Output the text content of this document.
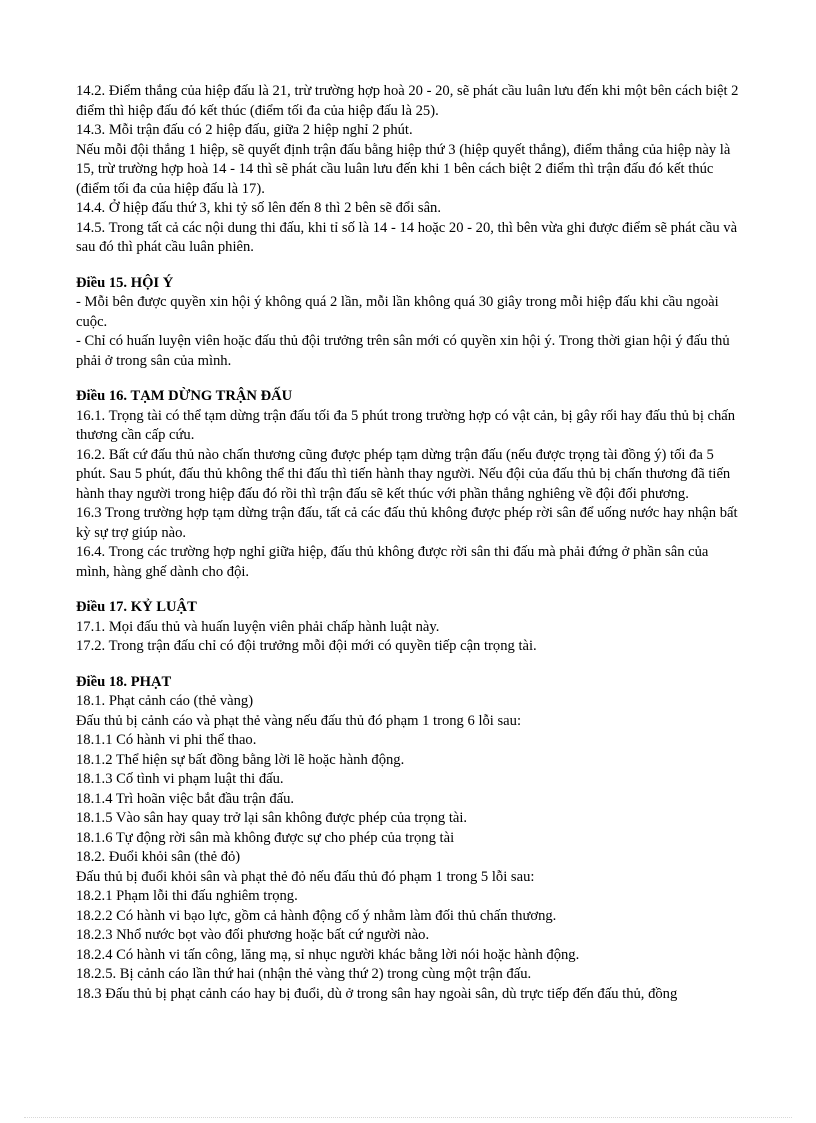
14.2. Điểm thắng của hiệp đấu là 21, trừ trường hợp hoà 20 - 20, sẽ phát cầu luân lưu đến khi một bên cách biệt 2 điểm thì hiệp đấu đó kết thúc (điểm tối đa của hiệp đấu là 25).

14.3. Mỗi trận đấu có 2 hiệp đấu, giữa 2 hiệp nghỉ 2 phút.

Nếu mỗi đội thắng 1 hiệp, sẽ quyết định trận đấu bằng hiệp thứ 3 (hiệp quyết thắng), điểm thắng của hiệp này là 15, trừ trường hợp hoà 14 - 14 thì sẽ phát cầu luân lưu đến khi 1 bên cách biệt 2 điểm thì trận đấu đó kết thúc (điểm tối đa của hiệp đấu là 17).

14.4. Ở hiệp đấu thứ 3, khi tỷ số lên đến 8 thì 2 bên sẽ đổi sân.

14.5. Trong tất cả các nội dung thi đấu, khi tỉ số là 14 - 14 hoặc 20 - 20, thì bên vừa ghi được điểm sẽ phát cầu và sau đó thì phát cầu luân phiên.

Điều 15. HỘI Ý

- Mỗi bên được quyền xin hội ý không quá 2 lần, mỗi lần không quá 30 giây trong mỗi hiệp đấu khi cầu ngoài cuộc.

- Chỉ có huấn luyện viên hoặc đấu thủ đội trưởng trên sân mới có quyền xin hội ý. Trong thời gian hội ý đấu thủ phải ở trong sân của mình.

Điều 16. TẠM DỪNG TRẬN ĐẤU

16.1. Trọng tài có thể tạm dừng trận đấu tối đa 5 phút trong trường hợp có vật cản, bị gây rối hay đấu thủ bị chấn thương cần cấp cứu.

16.2. Bất cứ đấu thủ nào chấn thương cũng được phép tạm dừng trận đấu (nếu được trọng tài đồng ý) tối đa 5 phút. Sau 5 phút, đấu thủ không thể thi đấu thì tiến hành thay người. Nếu đội của đấu thủ bị chấn thương đã tiến hành thay người trong hiệp đấu đó rồi thì trận đấu sẽ kết thúc với phần thắng nghiêng về đội đối phương.

16.3 Trong trường hợp tạm dừng trận đấu, tất cả các đấu thủ không được phép rời sân để uống nước hay nhận bất kỳ sự trợ giúp nào.

16.4. Trong các trường hợp nghỉ giữa hiệp, đấu thủ không được rời sân thi đấu mà phải đứng ở phần sân của mình, hàng ghế dành cho đội.

Điều 17. KỶ LUẬT

17.1. Mọi đấu thủ và huấn luyện viên phải chấp hành luật này.

17.2. Trong trận đấu chỉ có đội trưởng mỗi đội mới có quyền tiếp cận trọng tài.

Điều 18. PHẠT

18.1. Phạt cảnh cáo (thẻ vàng)

Đấu thủ bị cảnh cáo và phạt thẻ vàng nếu đấu thủ đó phạm 1 trong 6 lỗi sau:

18.1.1 Có hành vi phi thể thao.

18.1.2 Thể hiện sự bất đồng bằng lời lẽ hoặc hành động.

18.1.3 Cố tình vi phạm luật thi đấu.

18.1.4 Trì hoãn việc bắt đầu trận đấu.

18.1.5 Vào sân hay quay trở lại sân không được phép của trọng tài.

18.1.6 Tự động rời sân mà không được sự cho phép của trọng tài

18.2. Đuổi khỏi sân (thẻ đỏ)

Đấu thủ bị đuổi khỏi sân và phạt thẻ đỏ nếu đấu thủ đó phạm 1 trong 5 lỗi sau:

18.2.1 Phạm lỗi thi đấu nghiêm trọng.

18.2.2 Có hành vi bạo lực, gồm cả hành động cố ý nhằm làm đối thủ chấn thương.

18.2.3 Nhổ nước bọt vào đối phương hoặc bất cứ người nào.

18.2.4 Có hành vi tấn công, lăng mạ, sỉ nhục người khác bằng lời nói hoặc hành động.

18.2.5. Bị cảnh cáo lần thứ hai (nhận thẻ vàng thứ 2) trong cùng một trận đấu.

18.3 Đấu thủ bị phạt cảnh cáo hay bị đuổi, dù ở trong sân hay ngoài sân, dù trực tiếp đến đấu thủ, đồng
